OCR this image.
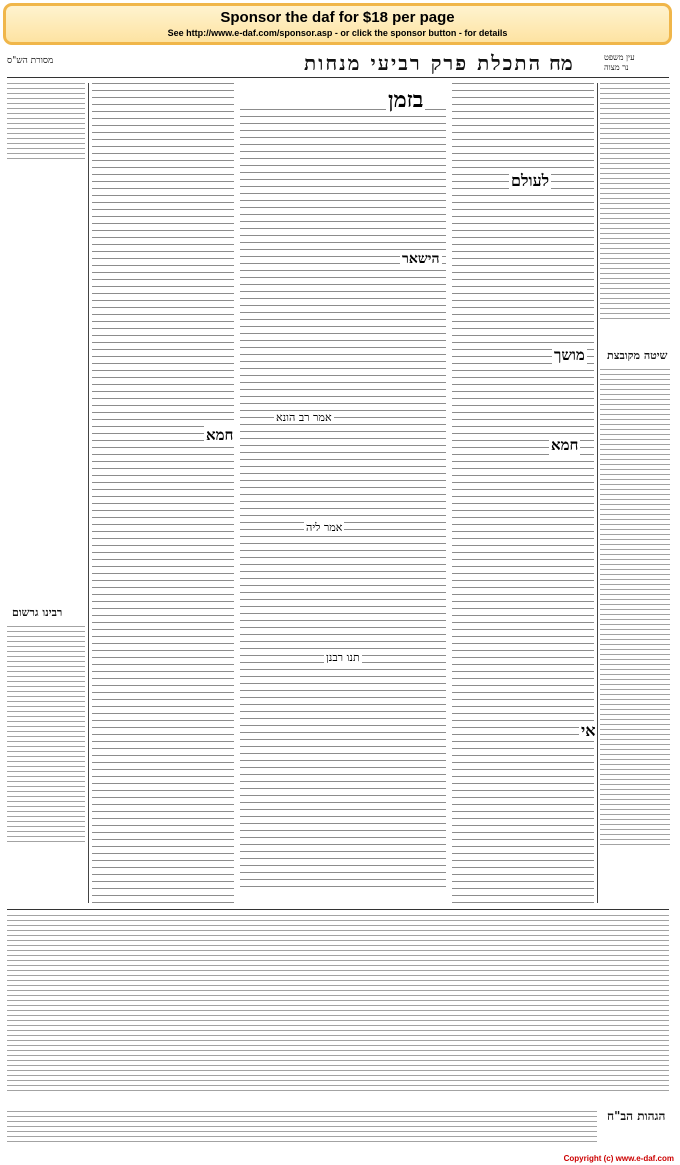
Sponsor the daf for $18 per page
See http://www.e-daf.com/sponsor.asp - or click the sponsor button - for details
מסורת הש"ס	התכלת פרק רביעי מנחות מח	עין משפט
נר מצוה
רבינו גרשום
בזמן
הישאר
אמר רב הונא
אמר ליה
תנו רבנן
לעולם
מושך
חמא
אי
חמא
שיטה מקובצת
הגהות הב"ח
Copyright (c) www.e-daf.com
